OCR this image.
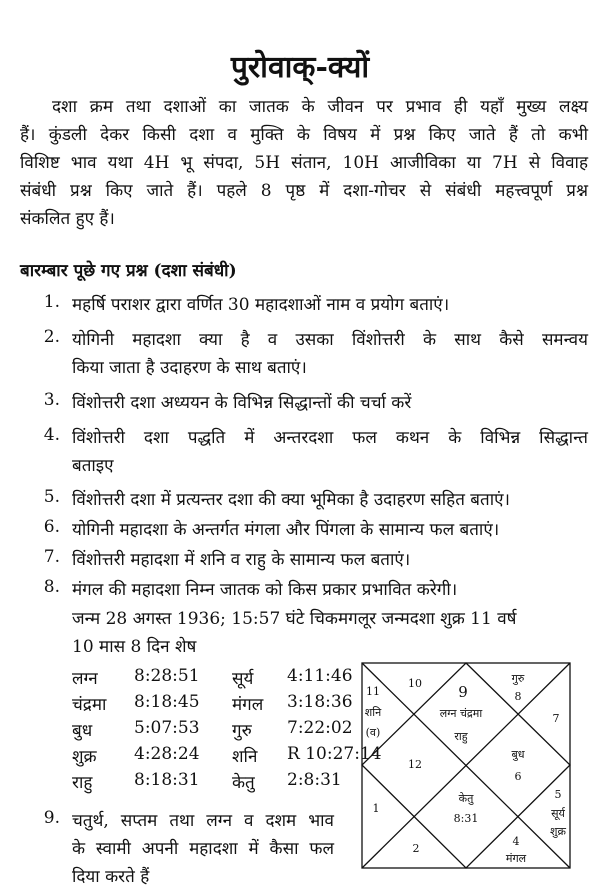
पुरोवाक्-क्यों
दशा क्रम तथा दशाओं का जातक के जीवन पर प्रभाव ही यहाँ मुख्य लक्ष्य
हैं। कुंडली देकर किसी दशा व मुक्ति के विषय में प्रश्न किए जाते हैं तो कभी
विशिष्ट भाव यथा 4H भू संपदा, 5H संतान, 10H आजीविका या 7H से विवाह
संबंधी प्रश्न किए जाते हैं। पहले 8 पृष्ठ में दशा-गोचर से संबंधी महत्त्वपूर्ण प्रश्न
संकलित हुए हैं।
बारम्बार पूछे गए प्रश्न (दशा संबंधी)
1. महर्षि पराशर द्वारा वर्णित 30 महादशाओं नाम व प्रयोग बताएं।
2. योगिनी महादशा क्या है व उसका विंशोत्तरी के साथ कैसे समन्वय
किया जाता है उदाहरण के साथ बताएं।
3. विंशोत्तरी दशा अध्ययन के विभिन्न सिद्धान्तों की चर्चा करें
4. विंशोत्तरी दशा पद्धति में अन्तरदशा फल कथन के विभिन्न सिद्धान्त
बताइए
5. विंशोत्तरी दशा में प्रत्यन्तर दशा की क्या भूमिका है उदाहरण सहित बताएं।
6. योगिनी महादशा के अन्तर्गत मंगला और पिंगला के सामान्य फल बताएं।
7. विंशोत्तरी महादशा में शनि व राहु के सामान्य फल बताएं।
8. मंगल की महादशा निम्न जातक को किस प्रकार प्रभावित करेगी।
जन्म 28 अगस्त 1936; 15:57 घंटे चिकमगलूर जन्मदशा शुक्र 11 वर्ष
10 मास 8 दिन शेष
लग्न 8:28:51 सूर्य 4:11:46
चंद्रमा 8:18:45 मंगल 3:18:36
बुध 5:07:53 गुरु 7:22:02
शुक्र 4:28:24 शनि R 10:27:14
राहु 8:18:31 केतु 2:8:31
9. चतुर्थ, सप्तम तथा लग्न व दशम भाव
के स्वामी अपनी महादशा में कैसा फल
दिया करते हैं
9
लग्न चंद्रमा
राहु
10
11
शनि
(व)
12
1
2
केतु
8:31
4
मंगल
5
सूर्य
शुक्र
बुध
6
7
गुरु
8
